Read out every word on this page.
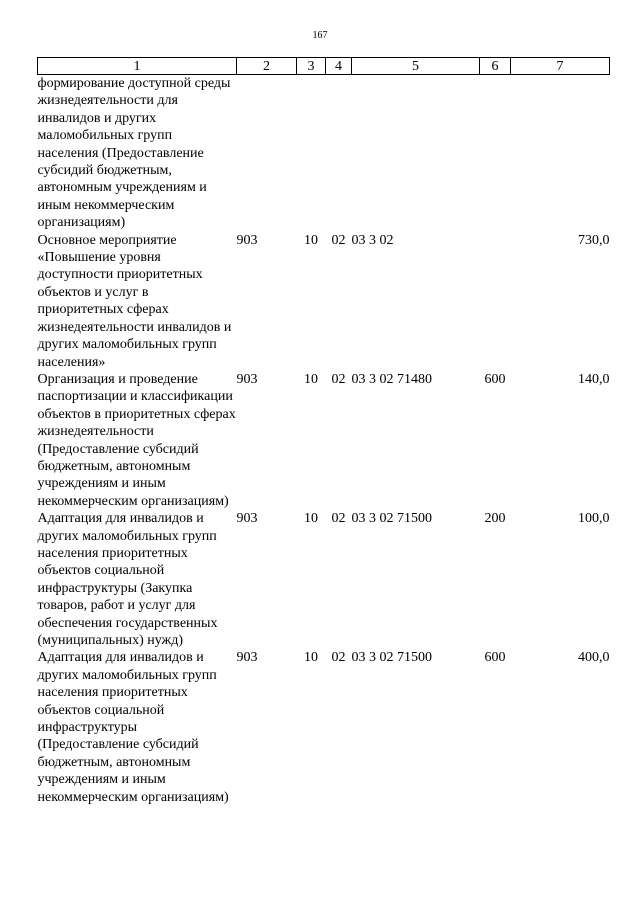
167
1	2	3	4	5	6	7
формирование доступной среды жизнедеятельности для инвалидов и других маломобильных групп населения (Предоставление субсидий бюджетным, автономным учреждениям и иным некоммерческим организациям)						
Основное мероприятие «Повышение уровня доступности приоритетных объектов и услуг в приоритетных сферах жизнедеятельности инвалидов и других маломобильных групп населения»	903	10	02	03 3 02		730,0
Организация и проведение паспортизации и классификации объектов в приоритетных сферах жизнедеятельности (Предоставление субсидий бюджетным, автономным учреждениям и иным некоммерческим организациям)	903	10	02	03 3 02 71480	600	140,0
Адаптация для инвалидов и других маломобильных групп населения приоритетных объектов социальной инфраструктуры (Закупка товаров, работ и услуг для обеспечения государственных (муниципальных) нужд)	903	10	02	03 3 02 71500	200	100,0
Адаптация для инвалидов и других маломобильных групп населения приоритетных объектов социальной инфраструктуры (Предоставление субсидий бюджетным, автономным учреждениям и иным некоммерческим организациям)	903	10	02	03 3 02 71500	600	400,0
